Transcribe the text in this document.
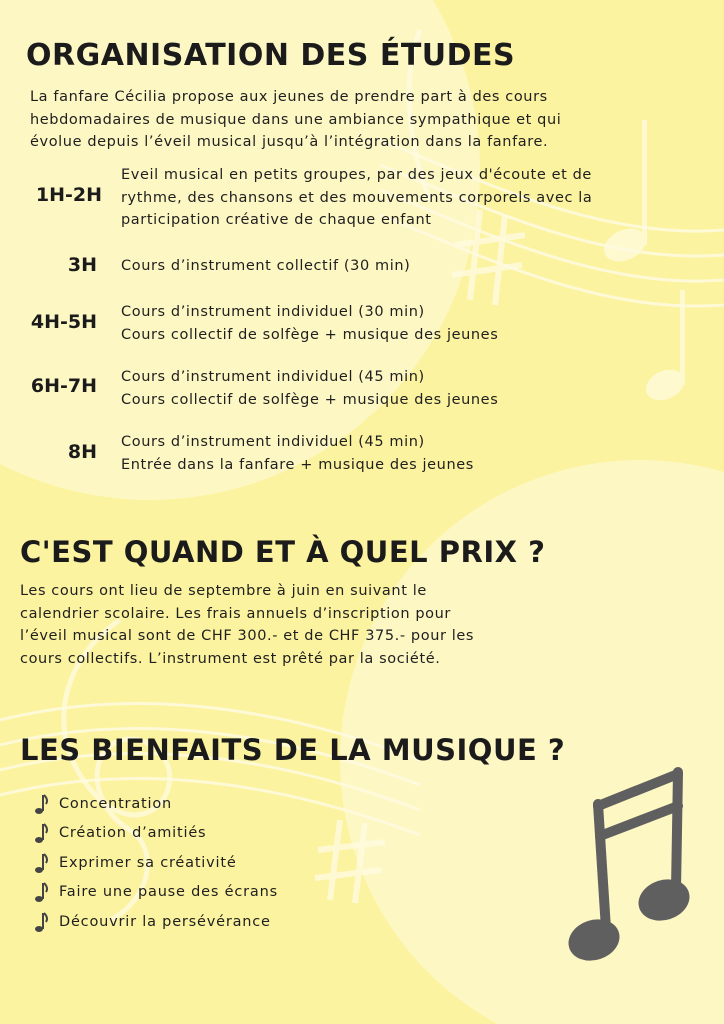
ORGANISATION DES ÉTUDES

La fanfare Cécilia propose aux jeunes de prendre part à des cours
hebdomadaires de musique dans une ambiance sympathique et qui
évolue depuis l’éveil musical jusqu’à l’intégration dans la fanfare.

1H-2H
Eveil musical en petits groupes, par des jeux d'écoute et de
rythme, des chansons et des mouvements corporels avec la
participation créative de chaque enfant
3H Cours d’instrument collectif (30 min)
4H-5H Cours d’instrument individuel (30 min)
Cours collectif de solfège + musique des jeunes
6H-7H Cours d’instrument individuel (45 min)
Cours collectif de solfège + musique des jeunes
8H Cours d’instrument individuel (45 min)
Entrée dans la fanfare + musique des jeunes
C'EST QUAND ET À QUEL PRIX ?

Les cours ont lieu de septembre à juin en suivant le
calendrier scolaire. Les frais annuels d’inscription pour
l’éveil musical sont de CHF 300.- et de CHF 375.- pour les
cours collectifs. L’instrument est prêté par la société.

LES BIENFAITS DE LA MUSIQUE ?
Concentration
Création d’amitiés
Exprimer sa créativité
Faire une pause des écrans
Découvrir la persévérance
